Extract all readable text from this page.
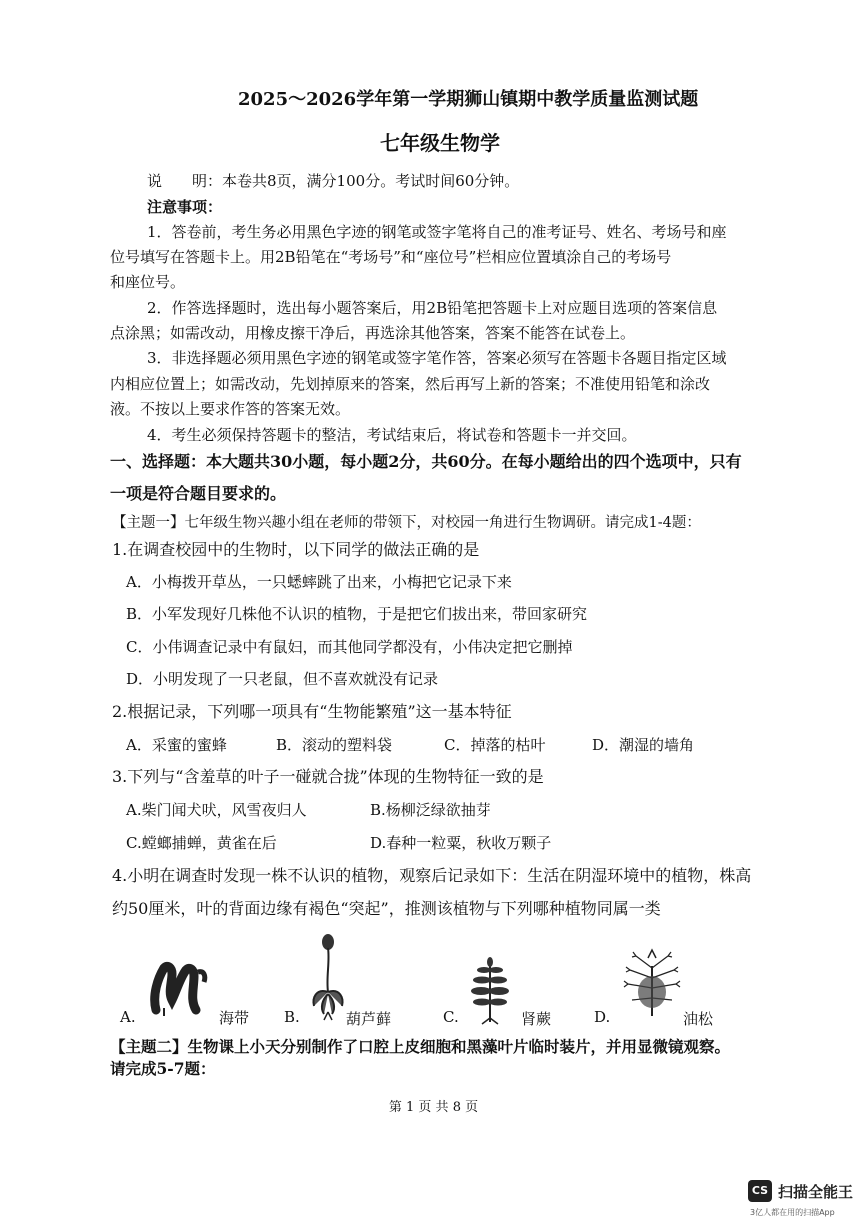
2025～2026学年第一学期狮山镇期中教学质量监测试题
七年级生物学
说　　明：本卷共8页，满分100分。考试时间60分钟。
注意事项：
1．答卷前，考生务必用黑色字迹的钢笔或签字笔将自己的准考证号、姓名、考场号和座
位号填写在答题卡上。用2B铅笔在“考场号”和“座位号”栏相应位置填涂自己的考场号
和座位号。
2．作答选择题时，选出每小题答案后，用2B铅笔把答题卡上对应题目选项的答案信息
点涂黑；如需改动，用橡皮擦干净后，再选涂其他答案，答案不能答在试卷上。
3．非选择题必须用黑色字迹的钢笔或签字笔作答，答案必须写在答题卡各题目指定区域
内相应位置上；如需改动，先划掉原来的答案，然后再写上新的答案；不准使用铅笔和涂改
液。不按以上要求作答的答案无效。
4．考生必须保持答题卡的整洁，考试结束后，将试卷和答题卡一并交回。
一、选择题：本大题共30小题，每小题2分，共60分。在每小题给出的四个选项中，只有
一项是符合题目要求的。
【主题一】七年级生物兴趣小组在老师的带领下，对校园一角进行生物调研。请完成1-4题：
1.在调查校园中的生物时，以下同学的做法正确的是
A．小梅拨开草丛，一只蟋蟀跳了出来，小梅把它记录下来
B．小军发现好几株他不认识的植物，于是把它们拔出来，带回家研究
C．小伟调查记录中有鼠妇，而其他同学都没有，小伟决定把它删掉
D．小明发现了一只老鼠，但不喜欢就没有记录
2.根据记录，下列哪一项具有“生物能繁殖”这一基本特征
A．采蜜的蜜蜂	B．滚动的塑料袋	C．掉落的枯叶	D．潮湿的墙角
3.下列与“含羞草的叶子一碰就合拢”体现的生物特征一致的是
A.柴门闻犬吠，风雪夜归人	B.杨柳泛绿欲抽芽
C.螳螂捕蝉，黄雀在后	D.春种一粒粟，秋收万颗子
4.小明在调查时发现一株不认识的植物，观察后记录如下：生活在阴湿环境中的植物，株高
约50厘米，叶的背面边缘有褐色“突起”，推测该植物与下列哪种植物同属一类
A.	海带 B.	葫芦藓	C.	肾蕨	D.	油松
【主题二】生物课上小天分别制作了口腔上皮细胞和黑藻叶片临时装片，并用显微镜观察。
请完成5-7题：
第 1 页 共 8 页
CS 扫描全能王
3亿人都在用的扫描App
